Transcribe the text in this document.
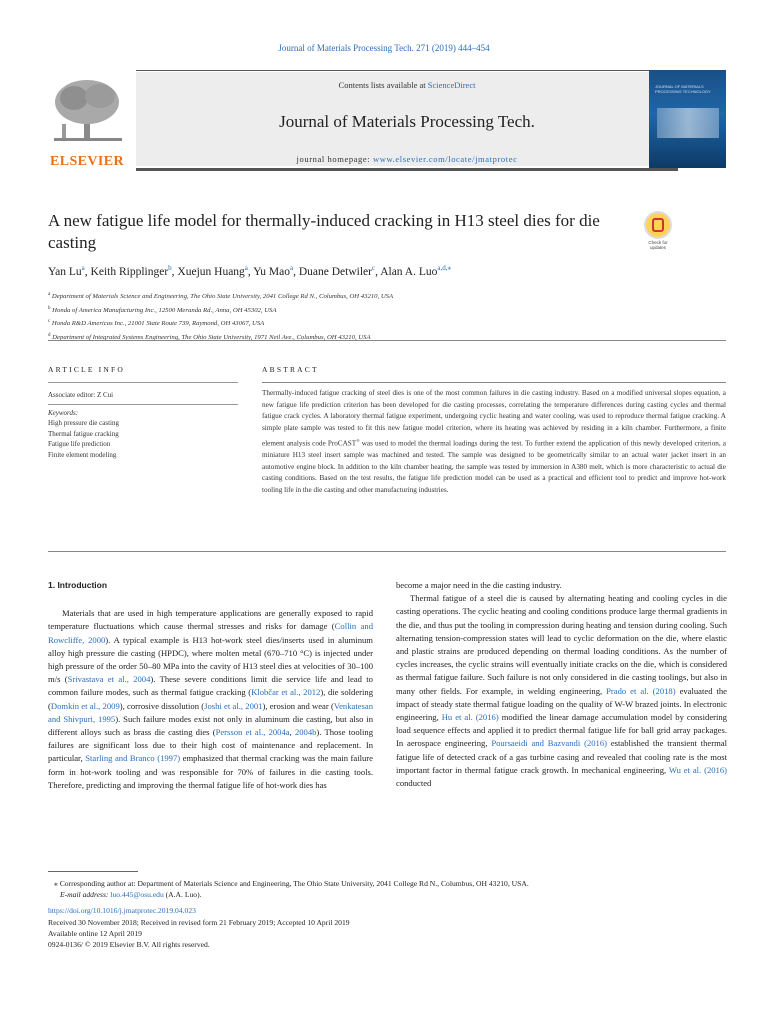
Journal of Materials Processing Tech. 271 (2019) 444–454
ELSEVIER
Contents lists available at ScienceDirect
Journal of Materials Processing Tech.
journal homepage: www.elsevier.com/locate/jmatprotec
JOURNAL OF MATERIALS PROCESSING TECHNOLOGY
A new fatigue life model for thermally-induced cracking in H13 steel dies for die casting	Check for updates
Yan Lu$^a$, Keith Ripplinger$^b$, Xuejun Huang$^a$, Yu Mao$^a$, Duane Detwiler$^c$, Alan A. Luo$^{a,d,⁎}$
$^a$ Department of Materials Science and Engineering, The Ohio State University, 2041 College Rd N., Columbus, OH 43210, USA
$^b$ Honda of America Manufacturing Inc., 12500 Meranda Rd., Anna, OH 45302, USA
$^c$ Honda R&D Americas Inc., 21001 State Route 739, Raymond, OH 43067, USA
$^d$ Department of Integrated Systems Engineering, The Ohio State University, 1971 Neil Ave., Columbus, OH 43210, USA
ARTICLE INFO	ABSTRACT
Associate editor: Z Cui
Keywords:
High pressure die casting
Thermal fatigue cracking
Fatigue life prediction
Finite element modeling
Thermally-induced fatigue cracking of steel dies is one of the most common failures in die casting industry. Based on a modified universal slopes equation, a new fatigue life prediction criterion has been developed for die casting processes, correlating the temperature differences during casting cycles and thermal fatigue crack cycles. A laboratory thermal fatigue experiment, undergoing cyclic heating and water cooling, was used to reproduce thermal fatigue cracking. A simple plate sample was tested to fit this new fatigue model criterion, where its heating was achieved by residing in a kiln chamber. Furthermore, a finite element analysis code ProCAST® was used to model the thermal loadings during the test. To further extend the application of this newly developed criterion, a miniature H13 steel insert sample was machined and tested. The sample was designed to be geometrically similar to an actual water jacket insert in an automotive engine block. In addition to the kiln chamber heating, the sample was tested by immersion in A380 melt, which is more characteristic to actual die casting conditions. Based on the test results, the fatigue life prediction model can be used as a practical and efficient tool to predict and improve hot-work tooling life in the die casting and other manufacturing industries.

1. Introduction

Materials that are used in high temperature applications are generally exposed to rapid temperature fluctuations which cause thermal stresses and risks for damage (Collin and Rowcliffe, 2000). A typical example is H13 hot-work steel dies/inserts used in aluminum alloy high pressure die casting (HPDC), where molten metal (670–710 °C) is injected under high pressure of the order 50–80 MPa into the cavity of H13 steel dies at velocities of 30–100 m/s (Srivastava et al., 2004). These severe conditions limit die service life and lead to common failure modes, such as thermal fatigue cracking (Klobčar et al., 2012), die soldering (Domkin et al., 2009), corrosive dissolution (Joshi et al., 2001), erosion and wear (Venkatesan and Shivpuri, 1995). Such failure modes exist not only in aluminum die casting, but also in different alloys such as brass die casting dies (Persson et al., 2004a, 2004b). Those tooling failures are significant loss due to their high cost of maintenance and replacement. In particular, Starling and Branco (1997) emphasized that thermal cracking was the main failure form in hot-work tooling and was responsible for 70% of failures in die casting tools. Therefore, predicting and improving the thermal fatigue life of hot-work dies has

become a major need in the die casting industry.

Thermal fatigue of a steel die is caused by alternating heating and cooling cycles in die casting operations. The cyclic heating and cooling conditions produce large thermal gradients in the die, and thus put the tooling in compression during heating and tension during cooling. Such alternating tension-compression states will lead to cyclic deformation on the die, where elastic and plastic strains are produced depending on thermal loading conditions. As the number of cycles increases, the cyclic strains will eventually initiate cracks on the die, which is considered as thermal fatigue failure. Such failure is not only considered in die casting toolings, but also in many other fields. For example, in welding engineering, Prado et al. (2018) evaluated the impact of steady state thermal fatigue loading on the quality of W-W brazed joints. In electronic engineering, Hu et al. (2016) modified the linear damage accumulation model by considering load sequence effects and applied it to predict thermal fatigue life for ball grid array packages. In aerospace engineering, Poursaeidi and Bazvandi (2016) established the transient thermal fatigue life of detected crack of a gas turbine casing and revealed that cooling rate is the most important factor in thermal fatigue crack growth. In mechanical engineering, Wu et al. (2016) conducted

⁎ Corresponding author at: Department of Materials Science and Engineering, The Ohio State University, 2041 College Rd N., Columbus, OH 43210, USA.
E-mail address: luo.445@osu.edu (A.A. Luo).
https://doi.org/10.1016/j.jmatprotec.2019.04.023
Received 30 November 2018; Received in revised form 21 February 2019; Accepted 10 April 2019
Available online 12 April 2019
0924-0136/ © 2019 Elsevier B.V. All rights reserved.
